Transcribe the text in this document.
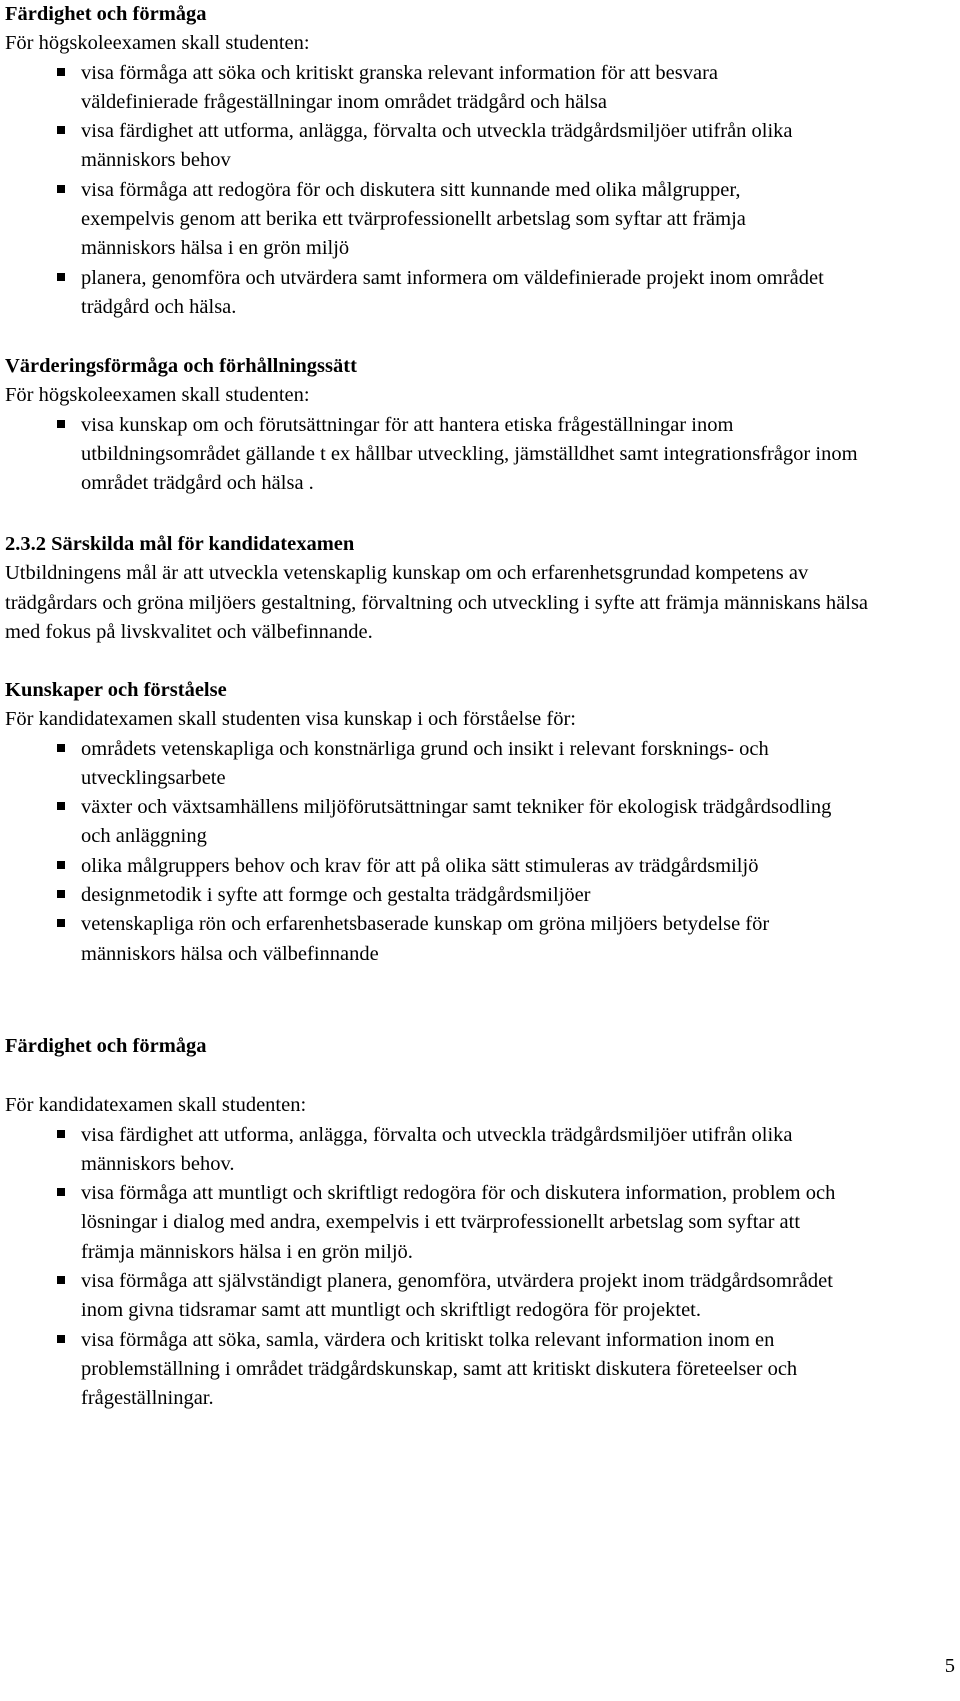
Färdighet och förmåga
För högskoleexamen skall studenten:
visa förmåga att söka och kritiskt granska relevant information för att besvara väldefinierade frågeställningar inom området trädgård och hälsa
visa färdighet att utforma, anlägga, förvalta och utveckla trädgårdsmiljöer utifrån olika människors behov
visa förmåga att redogöra för och diskutera sitt kunnande med olika målgrupper, exempelvis genom att berika ett tvärprofessionellt arbetslag som syftar att främja människors hälsa i en grön miljö
planera, genomföra och utvärdera samt informera om väldefinierade projekt inom området trädgård och hälsa.
Värderingsförmåga och förhållningssätt
För högskoleexamen skall studenten:
visa kunskap om och förutsättningar för att hantera etiska frågeställningar inom utbildningsområdet gällande t ex hållbar utveckling, jämställdhet samt integrationsfrågor inom området trädgård och hälsa .
2.3.2 Särskilda mål för kandidatexamen
Utbildningens mål är att utveckla vetenskaplig kunskap om och erfarenhetsgrundad kompetens av trädgårdars och gröna miljöers gestaltning, förvaltning och utveckling i syfte att främja människans hälsa med fokus på livskvalitet och välbefinnande.
Kunskaper och förståelse
För kandidatexamen skall studenten visa kunskap i och förståelse för:
områdets vetenskapliga och konstnärliga grund och insikt i relevant forsknings- och utvecklingsarbete
växter och växtsamhällens miljöförutsättningar samt tekniker för ekologisk trädgårdsodling och anläggning
olika målgruppers behov och krav för att på olika sätt stimuleras av trädgårdsmiljö
designmetodik i syfte att formge och gestalta trädgårdsmiljöer
vetenskapliga rön och erfarenhetsbaserade kunskap om gröna miljöers betydelse för människors hälsa och välbefinnande
Färdighet och förmåga
För kandidatexamen skall studenten:
visa färdighet att utforma, anlägga, förvalta och utveckla trädgårdsmiljöer utifrån olika människors behov.
visa förmåga att muntligt och skriftligt redogöra för och diskutera information, problem och lösningar i dialog med andra, exempelvis i ett tvärprofessionellt arbetslag som syftar att främja människors hälsa i en grön miljö.
visa förmåga att självständigt planera, genomföra, utvärdera projekt inom trädgårdsområdet inom givna tidsramar samt att muntligt och skriftligt redogöra för projektet.
visa förmåga att söka, samla, värdera och kritiskt tolka relevant information inom en problemställning i området trädgårdskunskap, samt att kritiskt diskutera företeelser och frågeställningar.
5
